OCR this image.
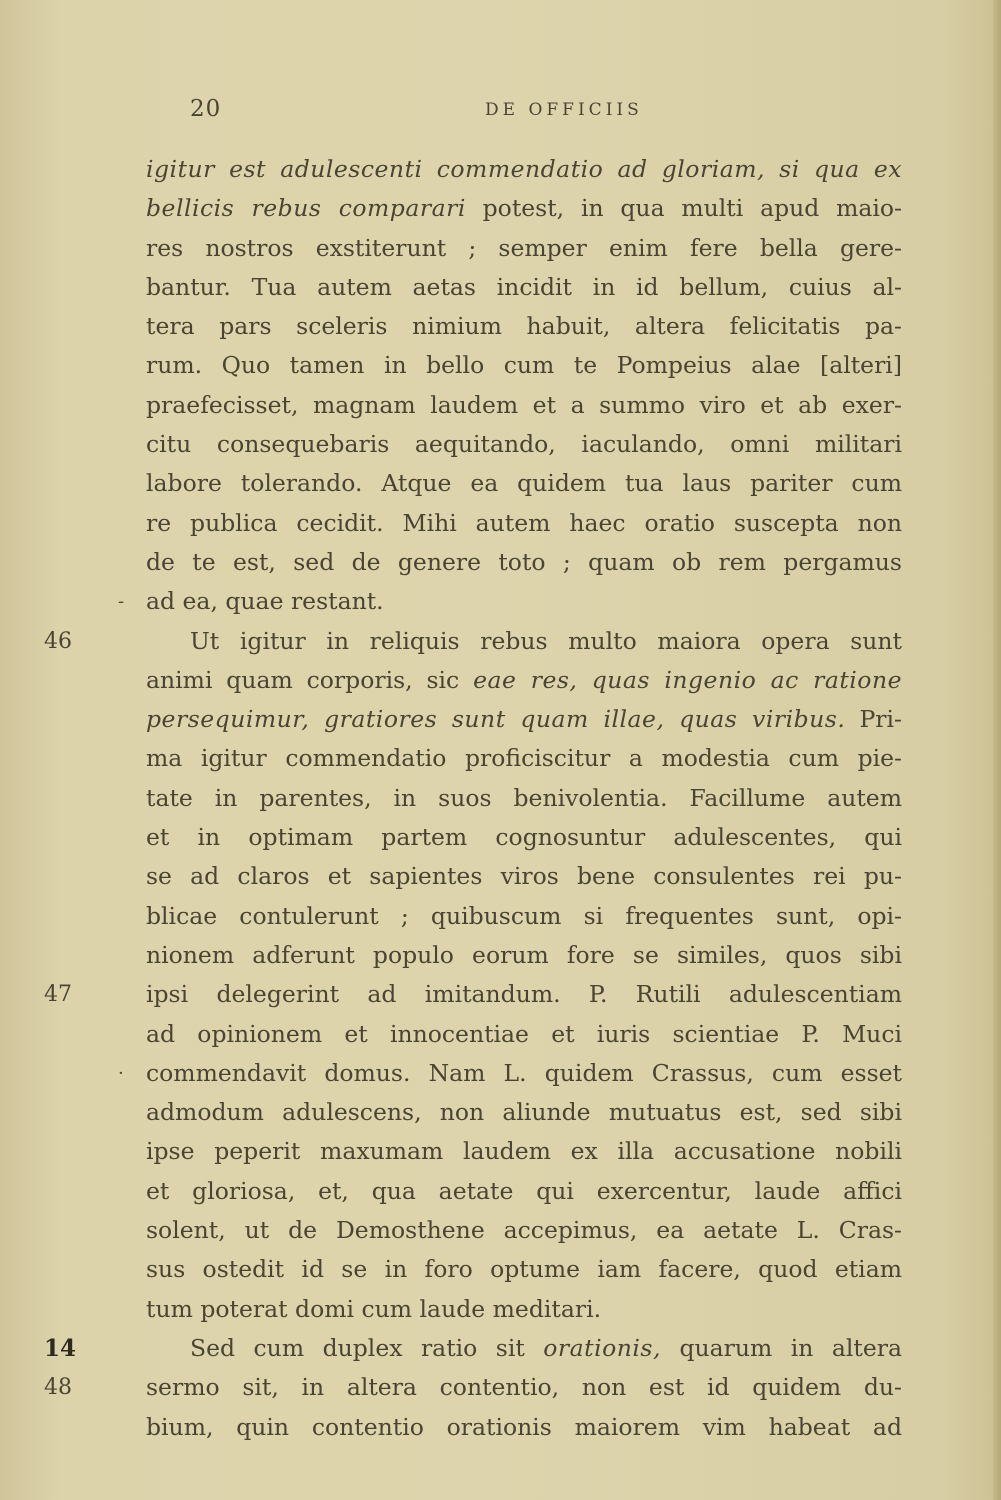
20	DE OFFICIIS
igitur est adulescenti commendatio ad gloriam, si qua ex
bellicis rebus comparari potest, in qua multi apud maio-
res nostros exstiterunt ; semper enim fere bella gere-
bantur. Tua autem aetas incidit in id bellum, cuius al-
tera pars sceleris nimium habuit, altera felicitatis pa-
rum. Quo tamen in bello cum te Pompeius alae [alteri]
praefecisset, magnam laudem et a summo viro et ab exer-
citu consequebaris aequitando, iaculando, omni militari
labore tolerando. Atque ea quidem tua laus pariter cum
re publica cecidit. Mihi autem haec oratio suscepta non
de te est, sed de genere toto ; quam ob rem pergamus
- ad ea, quae restant.
46	Ut igitur in reliquis rebus multo maiora opera sunt
animi quam corporis, sic eae res, quas ingenio ac ratione
persequimur, gratiores sunt quam illae, quas viribus. Pri-
ma igitur commendatio proficiscitur a modestia cum pie-
tate in parentes, in suos benivolentia. Facillume autem
et in optimam partem cognosuntur adulescentes, qui
se ad claros et sapientes viros bene consulentes rei pu-
blicae contulerunt ; quibuscum si frequentes sunt, opi-
nionem adferunt populo eorum fore se similes, quos sibi
47	ipsi delegerint ad imitandum. P. Rutili adulescentiam
ad opinionem et innocentiae et iuris scientiae P. Muci
· commendavit domus. Nam L. quidem Crassus, cum esset
admodum adulescens, non aliunde mutuatus est, sed sibi
ipse peperit maxumam laudem ex illa accusatione nobili
et gloriosa, et, qua aetate qui exercentur, laude affici
solent, ut de Demosthene accepimus, ea aetate L. Cras-
sus ostedit id se in foro optume iam facere, quod etiam
tum poterat domi cum laude meditari.
14	Sed cum duplex ratio sit orationis, quarum in altera
48	sermo sit, in altera contentio, non est id quidem du-
bium, quin contentio orationis maiorem vim habeat ad
